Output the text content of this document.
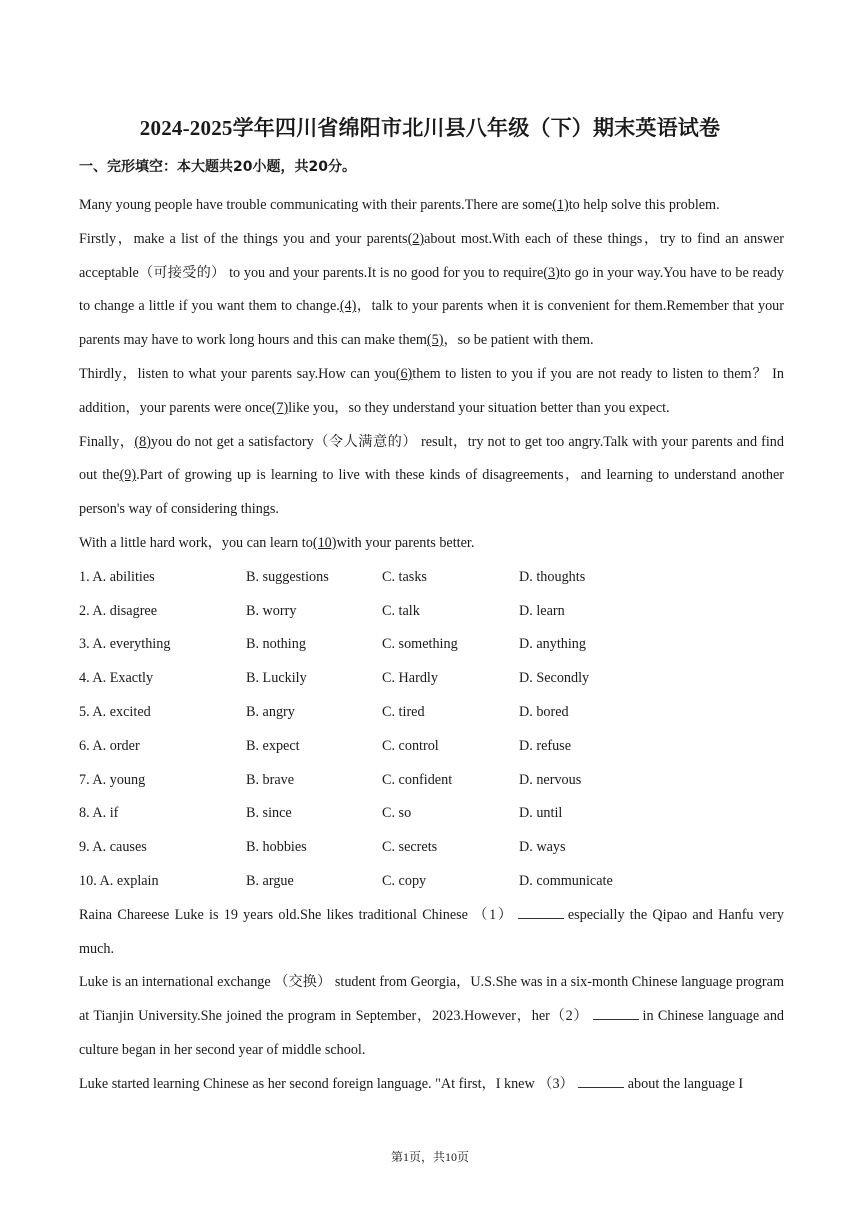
2024-2025学年四川省绵阳市北川县八年级（下）期末英语试卷
一、完形填空：本大题共20小题，共20分。

Many young people have trouble communicating with their parents.There are some(1)to help solve this problem.

Firstly，make a list of the things you and your parents(2)about most.With each of these things，try to find an answer acceptable（可接受的） to you and your parents.It is no good for you to require(3)to go in your way.You have to be ready to change a little if you want them to change.(4)，talk to your parents when it is convenient for them.Remember that your parents may have to work long hours and this can make them(5)，so be patient with them.

Thirdly，listen to what your parents say.How can you(6)them to listen to you if you are not ready to listen to them？ In addition，your parents were once(7)like you，so they understand your situation better than you expect.

Finally，(8)you do not get a satisfactory（令人满意的） result，try not to get too angry.Talk with your parents and find out the(9).Part of growing up is learning to live with these kinds of disagreements，and learning to understand another person's way of considering things.

With a little hard work，you can learn to(10)with your parents better.

1. A. abilities	B. suggestions	C. tasks	D. thoughts
2. A. disagree	B. worry	C. talk	D. learn
3. A. everything	B. nothing	C. something	D. anything
4. A. Exactly	B. Luckily	C. Hardly	D. Secondly
5. A. excited	B. angry	C. tired	D. bored
6. A. order	B. expect	C. control	D. refuse
7. A. young	B. brave	C. confident	D. nervous
8. A. if	B. since	C. so	D. until
9. A. causes	B. hobbies	C. secrets	D. ways
10. A. explain	B. argue	C. copy	D. communicate

Raina Chareese Luke is 19 years old.She likes traditional Chinese （1）	especially the Qipao and Hanfu very much.

Luke is an international exchange （交换） student from Georgia，U.S.She was in a six-month Chinese language program at Tianjin University.She joined the program in September，2023.However，her（2）	in Chinese language and culture began in her second year of middle school.

Luke started learning Chinese as her second foreign language. "At first，I knew （3）	about the language I

第1页，共10页
